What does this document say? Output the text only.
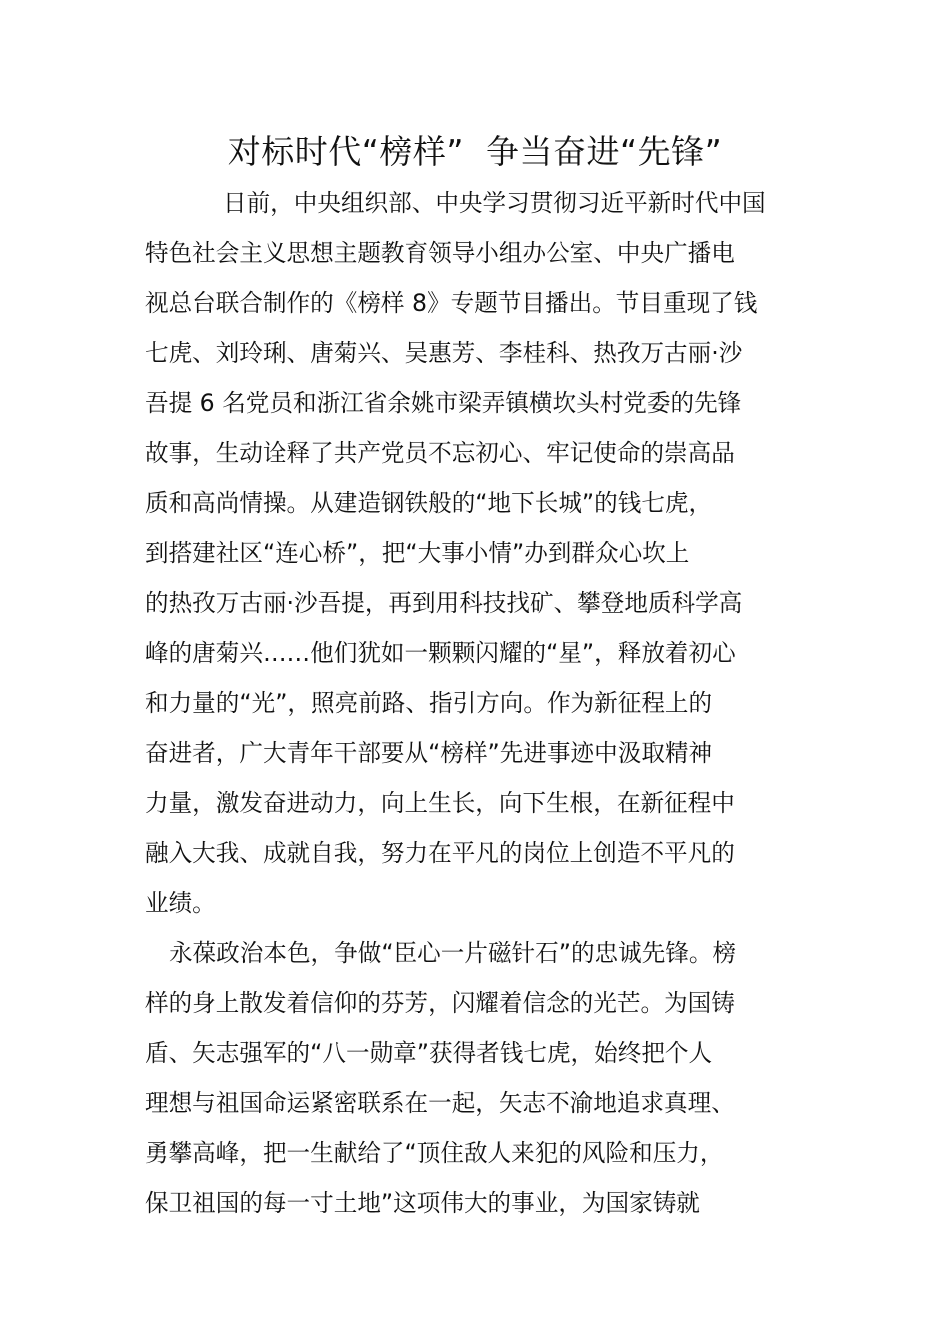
对标时代“榜样” 争当奋进“先锋”
日前，中央组织部、中央学习贯彻习近平新时代中国
特色社会主义思想主题教育领导小组办公室、中央广播电
视总台联合制作的《榜样 8》专题节目播出。节目重现了钱
七虎、刘玲琍、唐菊兴、吴惠芳、李桂科、热孜万古丽·沙
吾提 6 名党员和浙江省余姚市梁弄镇横坎头村党委的先锋
故事，生动诠释了共产党员不忘初心、牢记使命的崇高品
质和高尚情操。从建造钢铁般的“地下长城”的钱七虎，
到搭建社区“连心桥”，把“大事小情”办到群众心坎上
的热孜万古丽·沙吾提，再到用科技找矿、攀登地质科学高
峰的唐菊兴……他们犹如一颗颗闪耀的“星”，释放着初心
和力量的“光”，照亮前路、指引方向。作为新征程上的
奋进者，广大青年干部要从“榜样”先进事迹中汲取精神
力量，激发奋进动力，向上生长，向下生根，在新征程中
融入大我、成就自我，努力在平凡的岗位上创造不平凡的
业绩。
永葆政治本色，争做“臣心一片磁针石”的忠诚先锋。榜
样的身上散发着信仰的芬芳，闪耀着信念的光芒。为国铸
盾、矢志强军的“八一勋章”获得者钱七虎，始终把个人
理想与祖国命运紧密联系在一起，矢志不渝地追求真理、
勇攀高峰，把一生献给了“顶住敌人来犯的风险和压力，
保卫祖国的每一寸土地”这项伟大的事业，为国家铸就
